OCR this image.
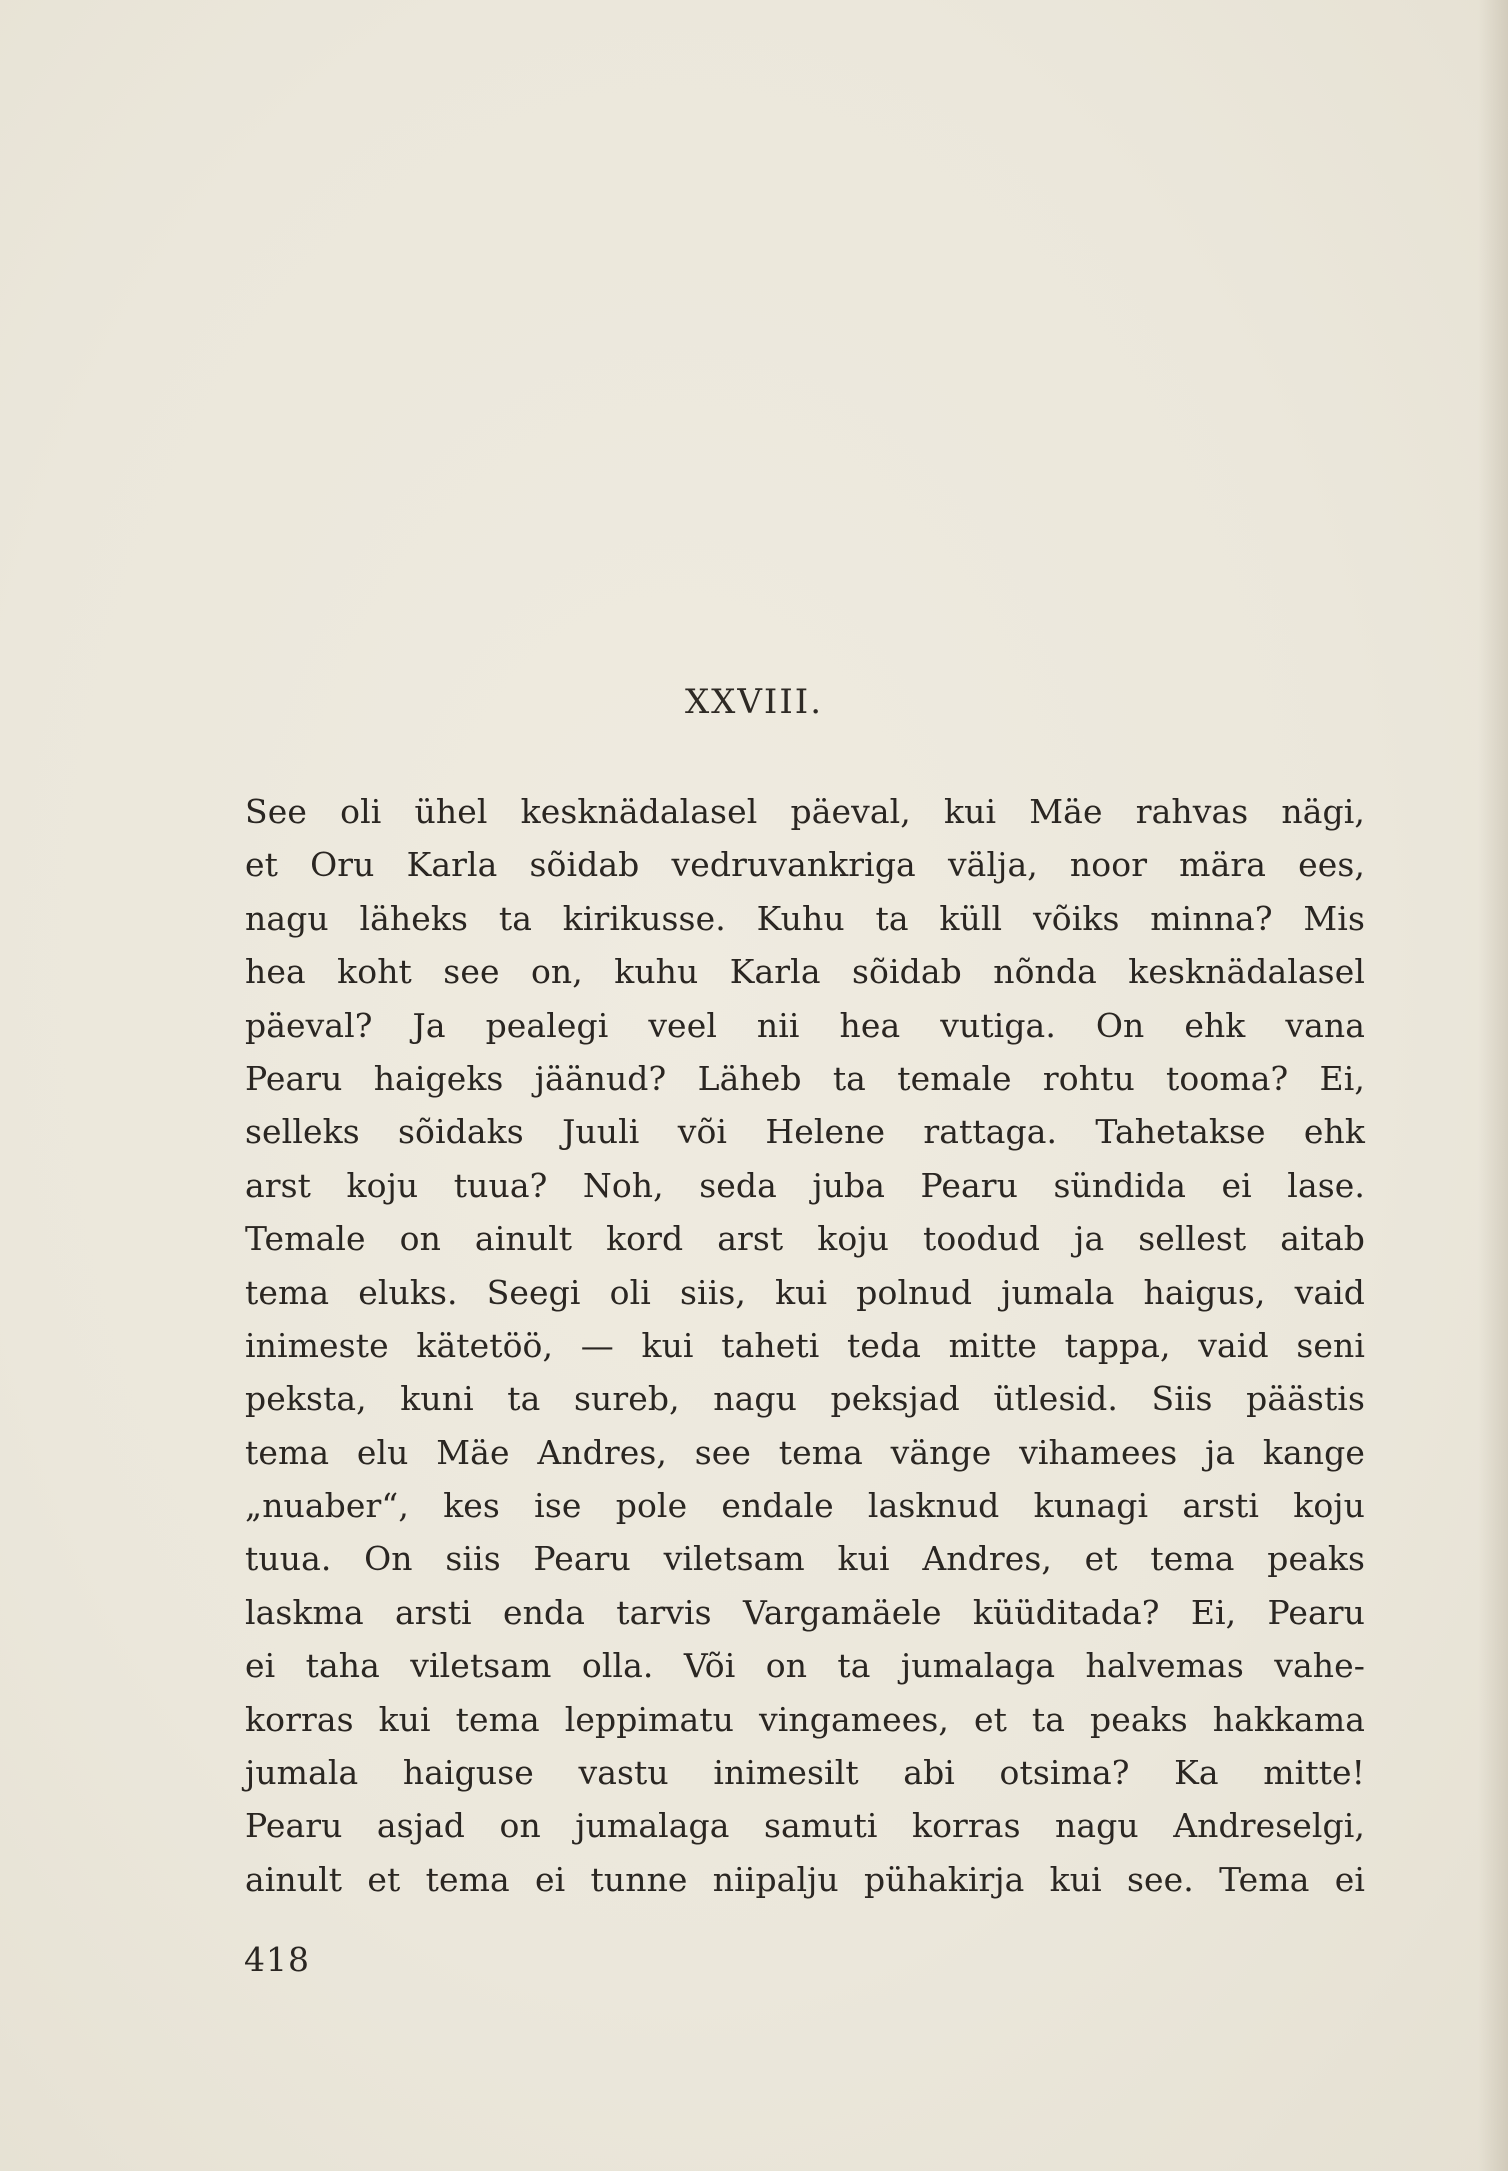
XXVIII.
See oli ühel kesknädalasel päeval, kui Mäe rahvas nägi,
et Oru Karla sõidab vedruvankriga välja, noor mära ees,
nagu läheks ta kirikusse. Kuhu ta küll võiks minna? Mis
hea koht see on, kuhu Karla sõidab nõnda kesknädalasel
päeval? Ja pealegi veel nii hea vutiga. On ehk vana
Pearu haigeks jäänud? Läheb ta temale rohtu tooma? Ei,
selleks sõidaks Juuli või Helene rattaga. Tahetakse ehk
arst koju tuua? Noh, seda juba Pearu sündida ei lase.
Temale on ainult kord arst koju toodud ja sellest aitab
tema eluks. Seegi oli siis, kui polnud jumala haigus, vaid
inimeste kätetöö, — kui taheti teda mitte tappa, vaid seni
peksta, kuni ta sureb, nagu peksjad ütlesid. Siis päästis
tema elu Mäe Andres, see tema vänge vihamees ja kange
„nuaber“, kes ise pole endale lasknud kunagi arsti koju
tuua. On siis Pearu viletsam kui Andres, et tema peaks
laskma arsti enda tarvis Vargamäele küüditada? Ei, Pearu
ei taha viletsam olla. Või on ta jumalaga halvemas vahe-
korras kui tema leppimatu vingamees, et ta peaks hakkama
jumala haiguse vastu inimesilt abi otsima? Ka mitte!
Pearu asjad on jumalaga samuti korras nagu Andreselgi,
ainult et tema ei tunne niipalju pühakirja kui see. Tema ei

418
